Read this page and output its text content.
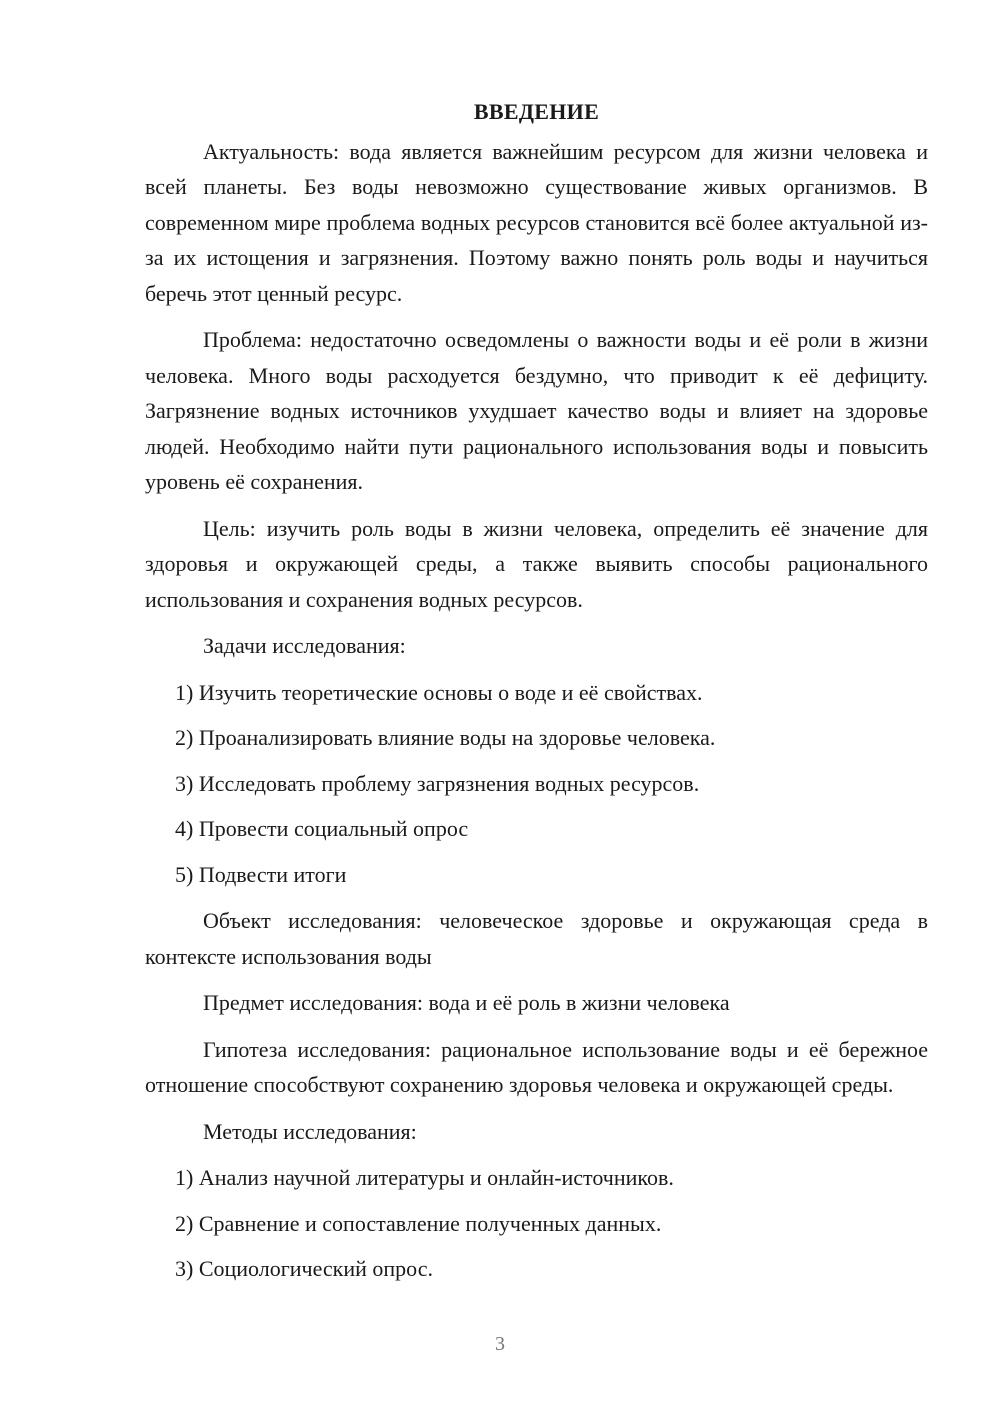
ВВЕДЕНИЕ

Актуальность: вода является важнейшим ресурсом для жизни человека и всей планеты. Без воды невозможно существование живых организмов. В современном мире проблема водных ресурсов становится всё более актуальной из-за их истощения и загрязнения. Поэтому важно понять роль воды и научиться беречь этот ценный ресурс.

Проблема: недостаточно осведомлены о важности воды и её роли в жизни человека. Много воды расходуется бездумно, что приводит к её дефициту. Загрязнение водных источников ухудшает качество воды и влияет на здоровье людей. Необходимо найти пути рационального использования воды и повысить уровень её сохранения.

Цель: изучить роль воды в жизни человека, определить её значение для здоровья и окружающей среды, а также выявить способы рационального использования и сохранения водных ресурсов.

Задачи исследования:

1) Изучить теоретические основы о воде и её свойствах.
2) Проанализировать влияние воды на здоровье человека.
3) Исследовать проблему загрязнения водных ресурсов.
4) Провести социальный опрос
5) Подвести итоги

Объект исследования: человеческое здоровье и окружающая среда в контексте использования воды

Предмет исследования: вода и её роль в жизни человека

Гипотеза исследования: рациональное использование воды и её бережное отношение способствуют сохранению здоровья человека и окружающей среды.

Методы исследования:

1) Анализ научной литературы и онлайн-источников.
2) Сравнение и сопоставление полученных данных.
3) Социологический опрос.
3
